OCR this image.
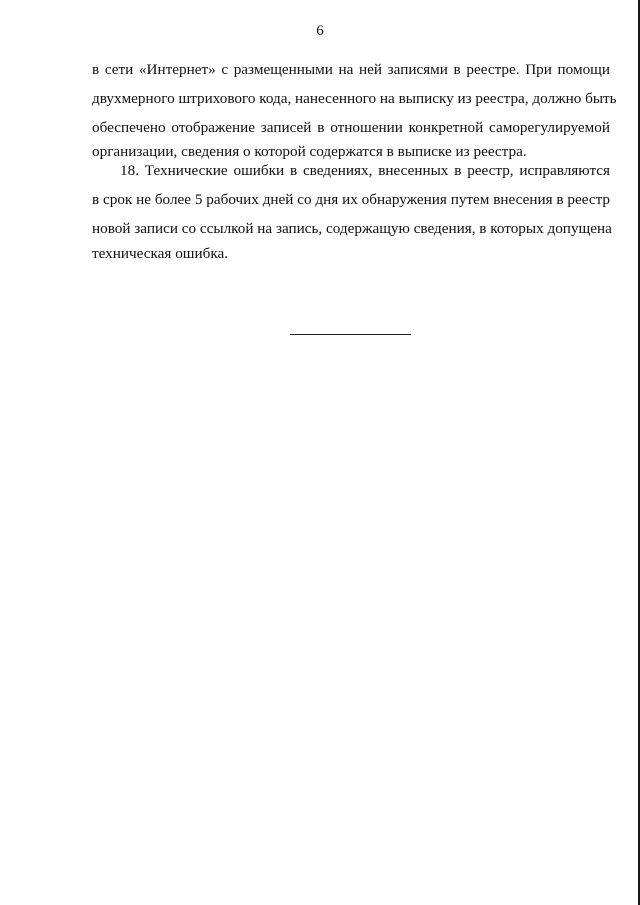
6
в сети «Интернет» с размещенными на ней записями в реестре. При помощи
двухмерного штрихового кода, нанесенного на выписку из реестра, должно быть
обеспечено отображение записей в отношении конкретной саморегулируемой
организации, сведения о которой содержатся в выписке из реестра.
18. Технические ошибки в сведениях, внесенных в реестр, исправляются
в срок не более 5 рабочих дней со дня их обнаружения путем внесения в реестр
новой записи со ссылкой на запись, содержащую сведения, в которых допущена
техническая ошибка.
